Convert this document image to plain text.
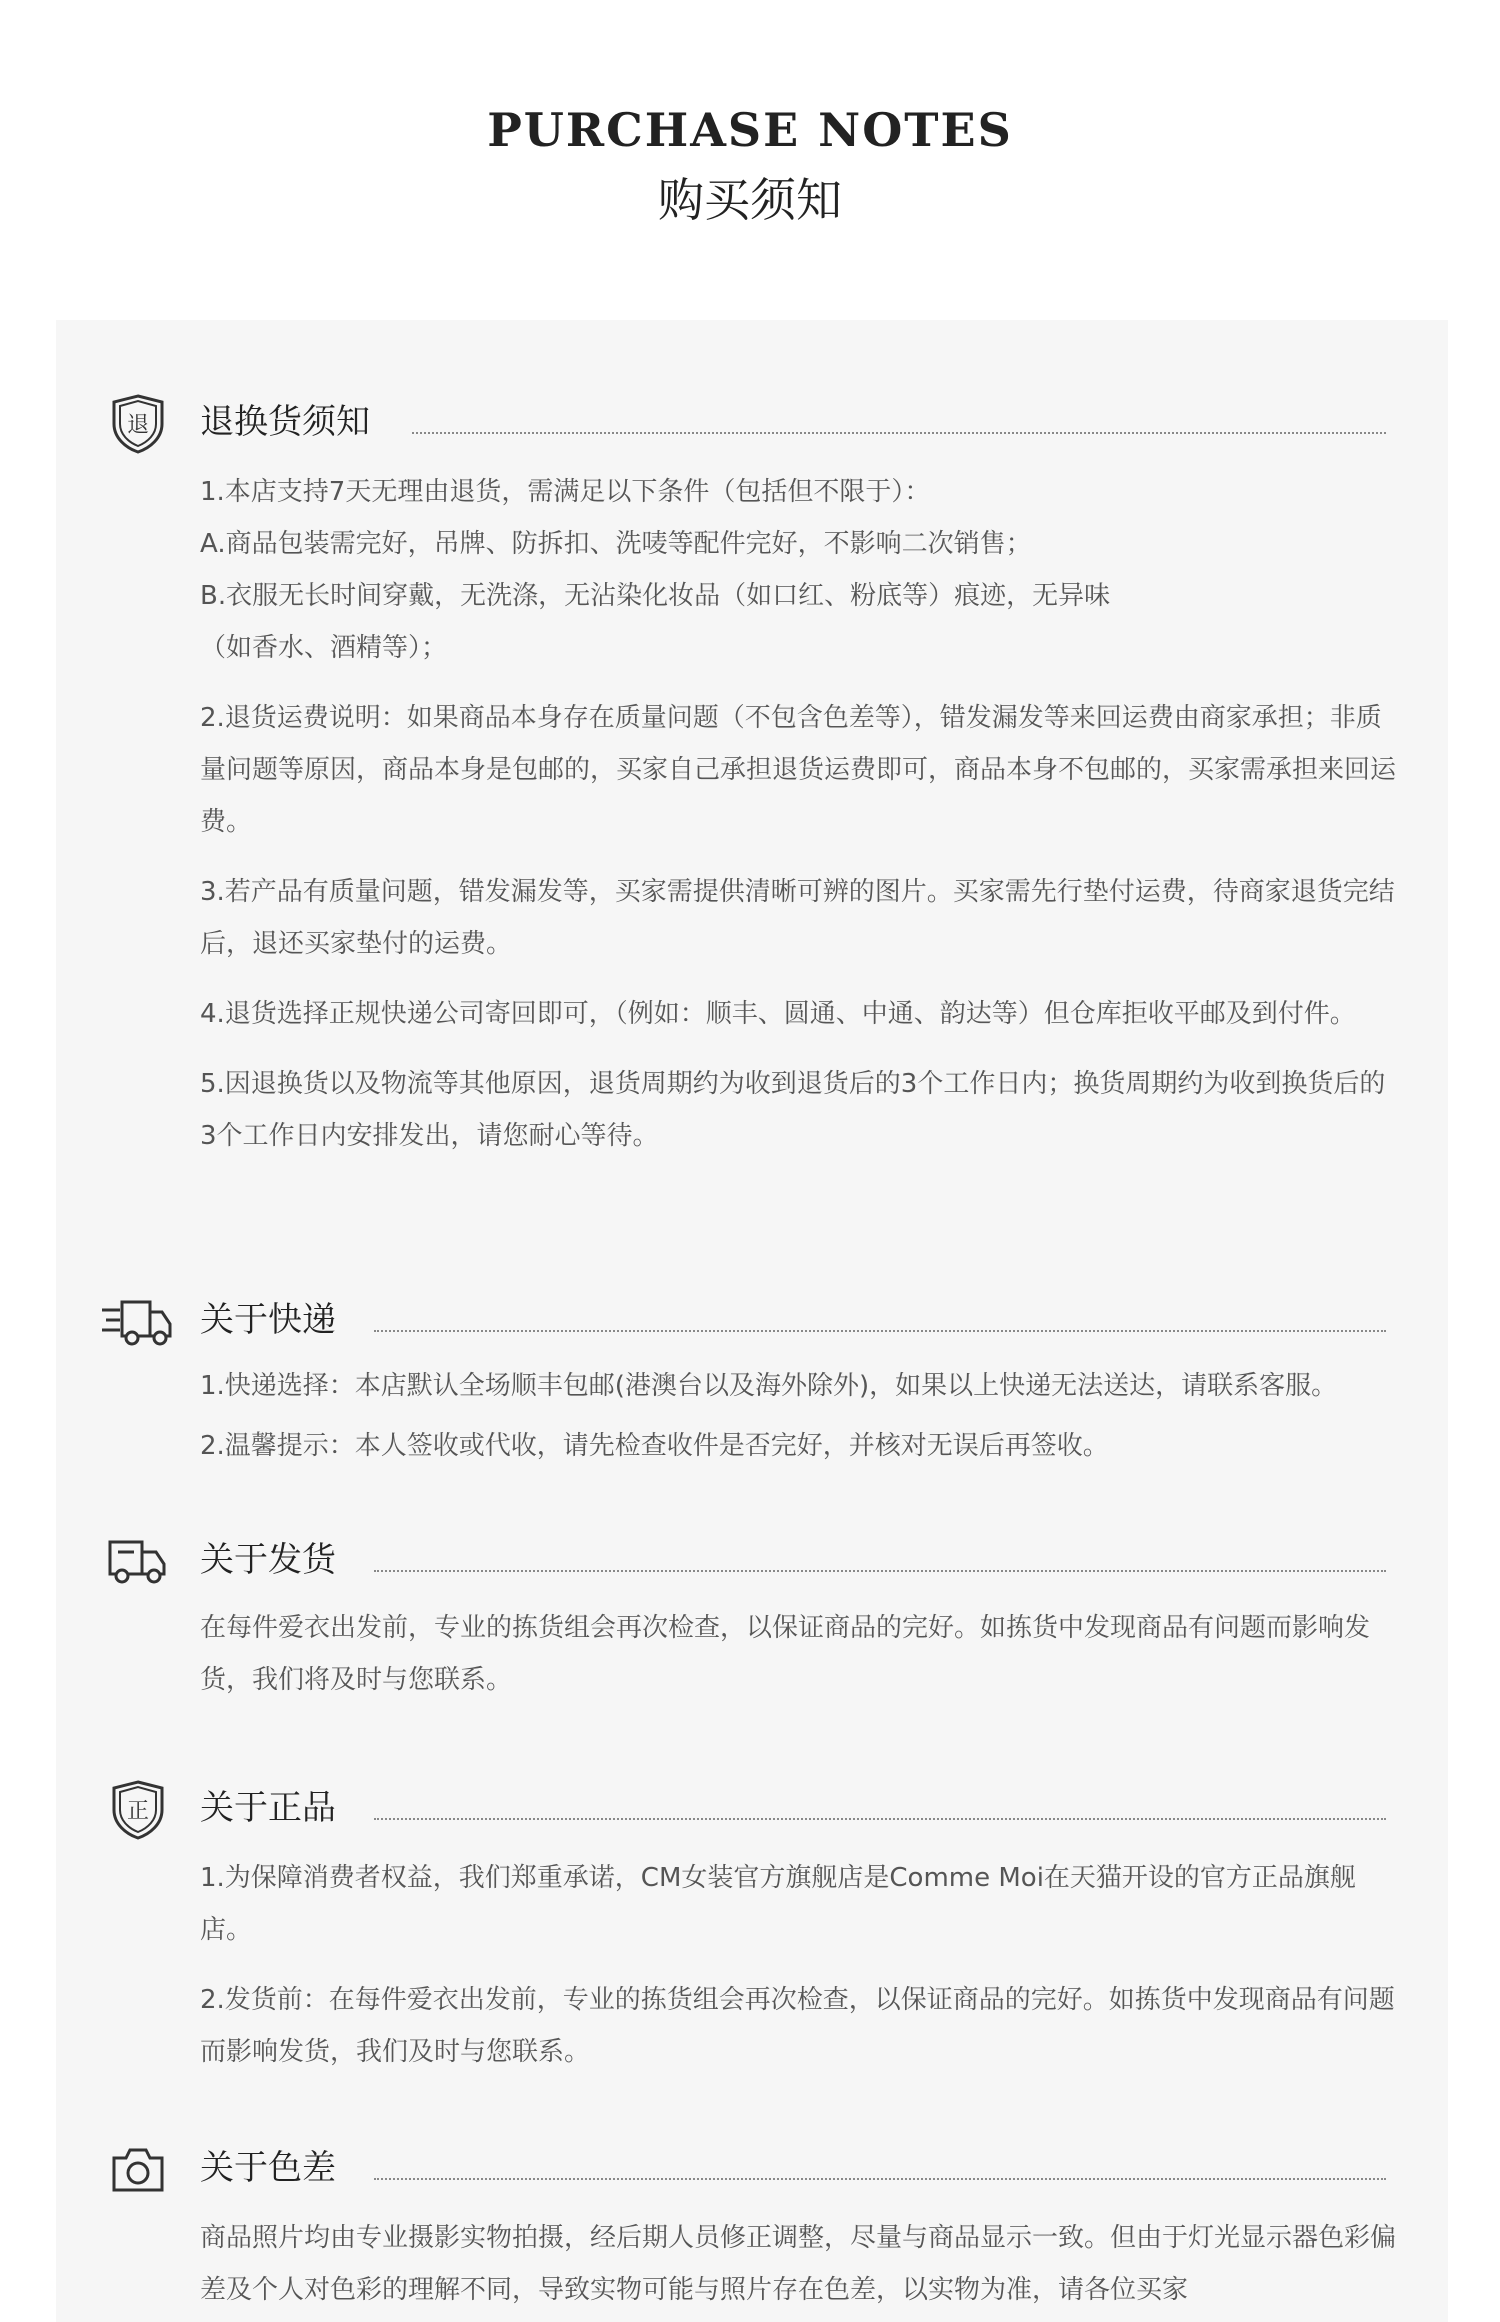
PURCHASE NOTES
购买须知
退 退换货须知

1.本店支持7天无理由退货，需满足以下条件（包括但不限于）：

A.商品包装需完好，吊牌、防拆扣、洗唛等配件完好，不影响二次销售；

B.衣服无长时间穿戴，无洗涤，无沾染化妆品（如口红、粉底等）痕迹，无异味

（如香水、酒精等）；

2.退货运费说明：如果商品本身存在质量问题（不包含色差等），错发漏发等来回运费由商家承担；非质量问题等原因，商品本身是包邮的，买家自己承担退货运费即可，商品本身不包邮的，买家需承担来回运费。

3.若产品有质量问题，错发漏发等，买家需提供清晰可辨的图片。买家需先行垫付运费，待商家退货完结后，退还买家垫付的运费。

4.退货选择正规快递公司寄回即可，（例如：顺丰、圆通、中通、韵达等）但仓库拒收平邮及到付件。

5.因退换货以及物流等其他原因，退货周期约为收到退货后的3个工作日内；换货周期约为收到换货后的3个工作日内安排发出，请您耐心等待。

关于快递

1.快递选择：本店默认全场顺丰包邮(港澳台以及海外除外)，如果以上快递无法送达，请联系客服。

2.温馨提示：本人签收或代收，请先检查收件是否完好，并核对无误后再签收。

关于发货

在每件爱衣出发前，专业的拣货组会再次检查，以保证商品的完好。如拣货中发现商品有问题而影响发货，我们将及时与您联系。

正 关于正品

1.为保障消费者权益，我们郑重承诺，CM女装官方旗舰店是Comme Moi在天猫开设的官方正品旗舰店。

2.发货前：在每件爱衣出发前，专业的拣货组会再次检查，以保证商品的完好。如拣货中发现商品有问题而影响发货，我们及时与您联系。

关于色差

商品照片均由专业摄影实物拍摄，经后期人员修正调整，尽量与商品显示一致。但由于灯光显示器色彩偏差及个人对色彩的理解不同，导致实物可能与照片存在色差，以实物为准，请各位买家
